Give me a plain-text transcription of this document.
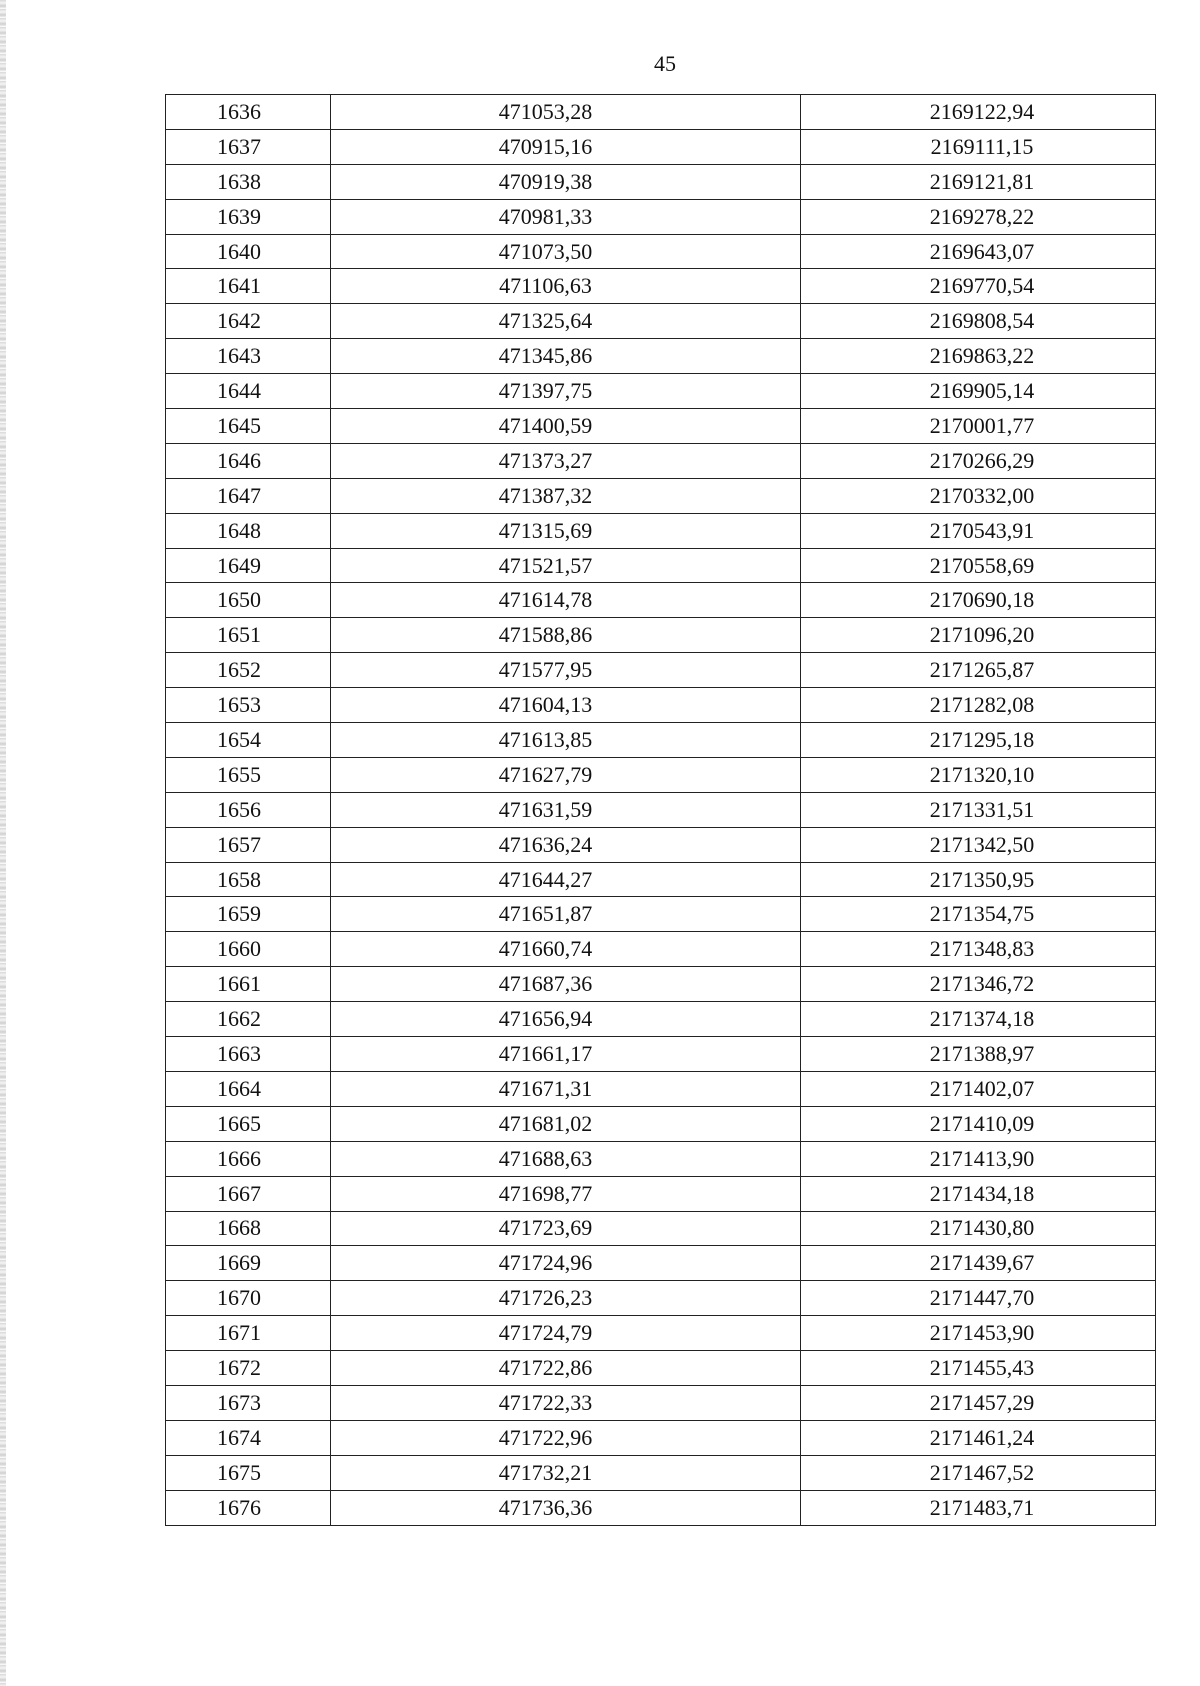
45
1636	471053,28	2169122,94
1637	470915,16	2169111,15
1638	470919,38	2169121,81
1639	470981,33	2169278,22
1640	471073,50	2169643,07
1641	471106,63	2169770,54
1642	471325,64	2169808,54
1643	471345,86	2169863,22
1644	471397,75	2169905,14
1645	471400,59	2170001,77
1646	471373,27	2170266,29
1647	471387,32	2170332,00
1648	471315,69	2170543,91
1649	471521,57	2170558,69
1650	471614,78	2170690,18
1651	471588,86	2171096,20
1652	471577,95	2171265,87
1653	471604,13	2171282,08
1654	471613,85	2171295,18
1655	471627,79	2171320,10
1656	471631,59	2171331,51
1657	471636,24	2171342,50
1658	471644,27	2171350,95
1659	471651,87	2171354,75
1660	471660,74	2171348,83
1661	471687,36	2171346,72
1662	471656,94	2171374,18
1663	471661,17	2171388,97
1664	471671,31	2171402,07
1665	471681,02	2171410,09
1666	471688,63	2171413,90
1667	471698,77	2171434,18
1668	471723,69	2171430,80
1669	471724,96	2171439,67
1670	471726,23	2171447,70
1671	471724,79	2171453,90
1672	471722,86	2171455,43
1673	471722,33	2171457,29
1674	471722,96	2171461,24
1675	471732,21	2171467,52
1676	471736,36	2171483,71
